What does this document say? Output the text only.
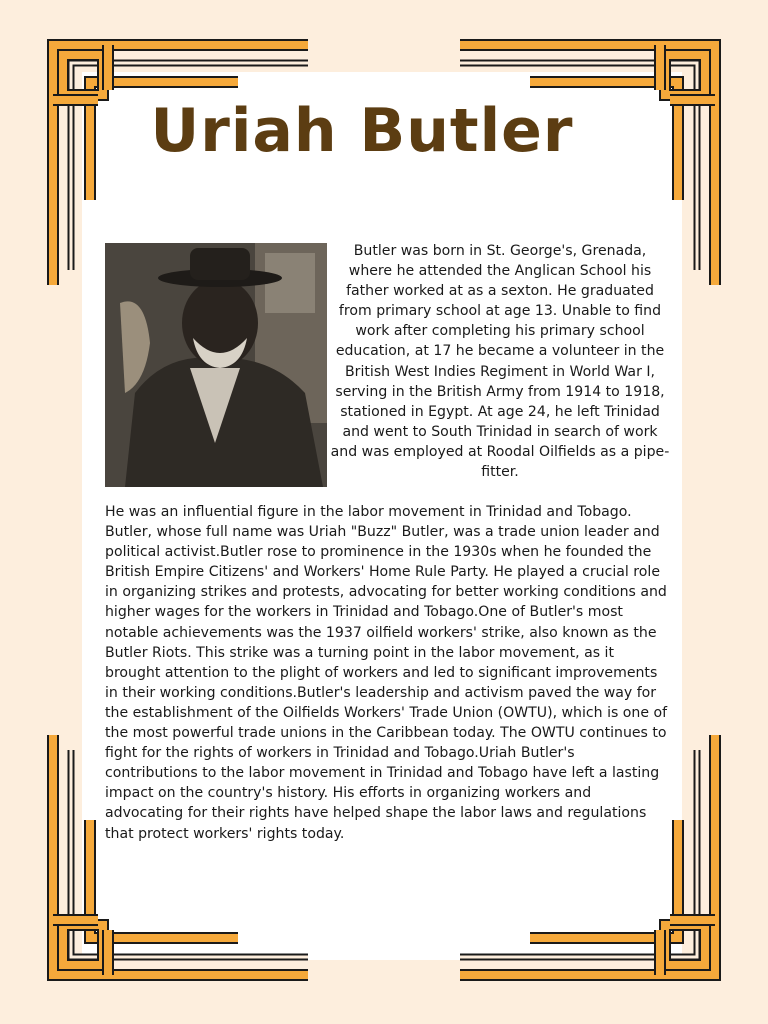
Uriah Butler

Butler was born in St. George's, Grenada, where he attended the Anglican School his father worked at as a sexton. He graduated from primary school at age 13. Unable to find work after completing his primary school education, at 17 he became a volunteer in the British West Indies Regiment in World War I, serving in the British Army from 1914 to 1918, stationed in Egypt. At age 24, he left Trinidad and went to South Trinidad in search of work and was employed at Roodal Oilfields as a pipe-fitter.

He was an influential figure in the labor movement in Trinidad and Tobago. Butler, whose full name was Uriah "Buzz" Butler, was a trade union leader and political activist.Butler rose to prominence in the 1930s when he founded the British Empire Citizens' and Workers' Home Rule Party. He played a crucial role in organizing strikes and protests, advocating for better working conditions and higher wages for the workers in Trinidad and Tobago.One of Butler's most notable achievements was the 1937 oilfield workers' strike, also known as the Butler Riots. This strike was a turning point in the labor movement, as it brought attention to the plight of workers and led to significant improvements in their working conditions.Butler's leadership and activism paved the way for the establishment of the Oilfields Workers' Trade Union (OWTU), which is one of the most powerful trade unions in the Caribbean today. The OWTU continues to fight for the rights of workers in Trinidad and Tobago.Uriah Butler's contributions to the labor movement in Trinidad and Tobago have left a lasting impact on the country's history. His efforts in organizing workers and advocating for their rights have helped shape the labor laws and regulations that protect workers' rights today.
